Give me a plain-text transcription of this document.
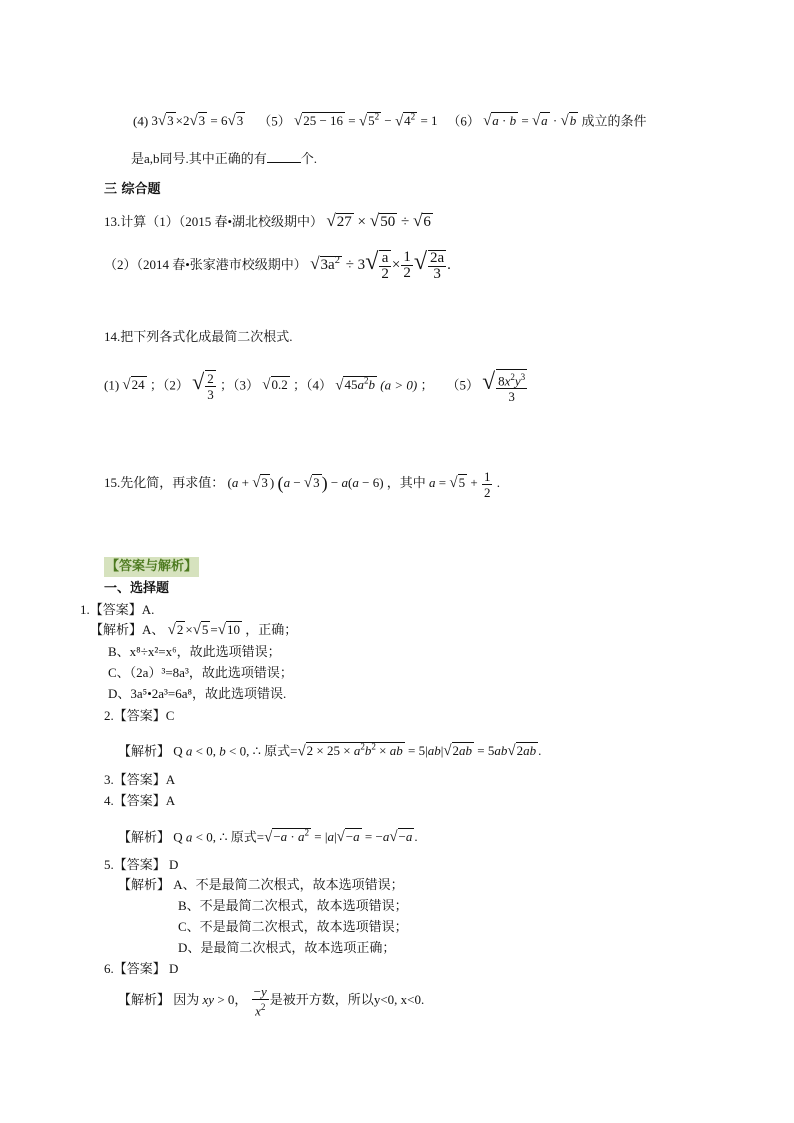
(4) 3√3 ×2√3 = 6√3 （5） $√25 - 16 = √5^2 - √4^2 = 1$   （6） √a · b = √a · √b 成立的条件
是a,b同号.其中正确的有	个.
三 综合题
13.计算（1）（2015 春•湖北校级期中） √27 × √50 ÷ √6
（2）（2014 春•张家港市校级期中） $√3a^2 \div 3√ \frac{a}{2} \times \frac{1}{2}$ √ $\frac{2a}{3}$ .
14.把下列各式化成最简二次根式.
(1) √24 ；（2） √ $\frac{2}{3}$ ；（3） √0.2 ；（4） $√45a^2b$ (a > 0) ；　　（5） √ $\frac{8x^2y^3}{3}$
15.先化简，再求值： (a + √3 ) (a − √3 ) − a(a − 6) ，其中 $a = √5 + \frac{1}{2}$ .
【答案与解析】
一、选择题
1.【答案】A.
【解析】A、 √2 ×√5 =√10 ，正确；
B、x⁸÷x²=x⁶，故此选项错误；
C、（2a）³=8a³，故此选项错误；
D、3a⁵•2a³=6a⁸，故此选项错误.
2.【答案】C
【解析】 Q a < 0, b < 0, ∴ 原式$=√2 \times 25 \times a^2b^2$ × ab = 5|ab|√2ab = 5ab√2ab .
3.【答案】A
4.【答案】A
【解析】 Q a < 0, ∴ 原式$=√-a \cdot a^2 = |a|√-a = -a√-a$ .
5.【答案】 D
【解析】 A、不是最简二次根式，故本选项错误；
B、不是最简二次根式，故本选项错误；
C、不是最简二次根式，故本选项错误；
D、是最简二次根式，故本选项正确；
6.【答案】 D
【解析】 因为 xy > 0， $\frac{-y}{x^2}$ 是被开方数，所以y<0, x<0.
